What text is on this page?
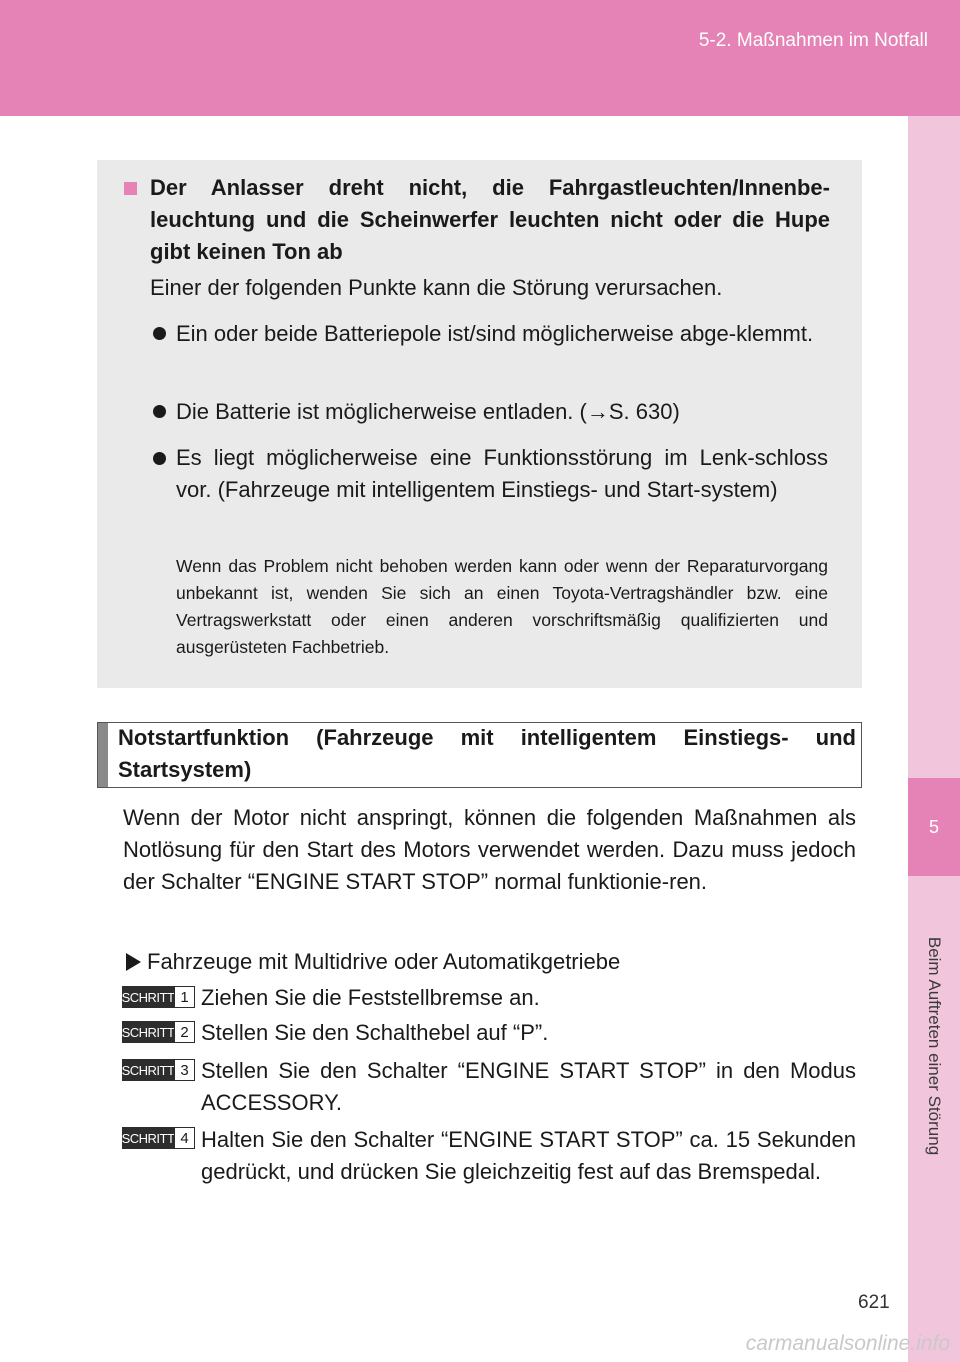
5-2. Maßnahmen im Notfall
5
Beim Auftreten einer Störung
Der Anlasser dreht nicht, die Fahrgastleuchten/Innenbe-leuchtung und die Scheinwerfer leuchten nicht oder die Hupe gibt keinen Ton ab
Einer der folgenden Punkte kann die Störung verursachen.
Ein oder beide Batteriepole ist/sind möglicherweise abge-klemmt.
Die Batterie ist möglicherweise entladen. (→S. 630)
Es liegt möglicherweise eine Funktionsstörung im Lenk-schloss vor. (Fahrzeuge mit intelligentem Einstiegs- und Start-system)
Wenn das Problem nicht behoben werden kann oder wenn der Reparaturvorgang unbekannt ist, wenden Sie sich an einen Toyota-Vertragshändler bzw. eine Vertragswerkstatt oder einen anderen vorschriftsmäßig qualifizierten und ausgerüsteten Fachbetrieb.
Notstartfunktion (Fahrzeuge mit intelligentem Einstiegs- und Startsystem)
Wenn der Motor nicht anspringt, können die folgenden Maßnahmen als Notlösung für den Start des Motors verwendet werden. Dazu muss jedoch der Schalter “ENGINE START STOP” normal funktionie-ren.
Fahrzeuge mit Multidrive oder Automatikgetriebe
SCHRITT 1 Ziehen Sie die Feststellbremse an.
SCHRITT 2 Stellen Sie den Schalthebel auf “P”.
SCHRITT 3 Stellen Sie den Schalter “ENGINE START STOP” in den Modus ACCESSORY.
SCHRITT 4 Halten Sie den Schalter “ENGINE START STOP” ca. 15 Sekunden gedrückt, und drücken Sie gleichzeitig fest auf das Bremspedal.
621
carmanualsonline.info
